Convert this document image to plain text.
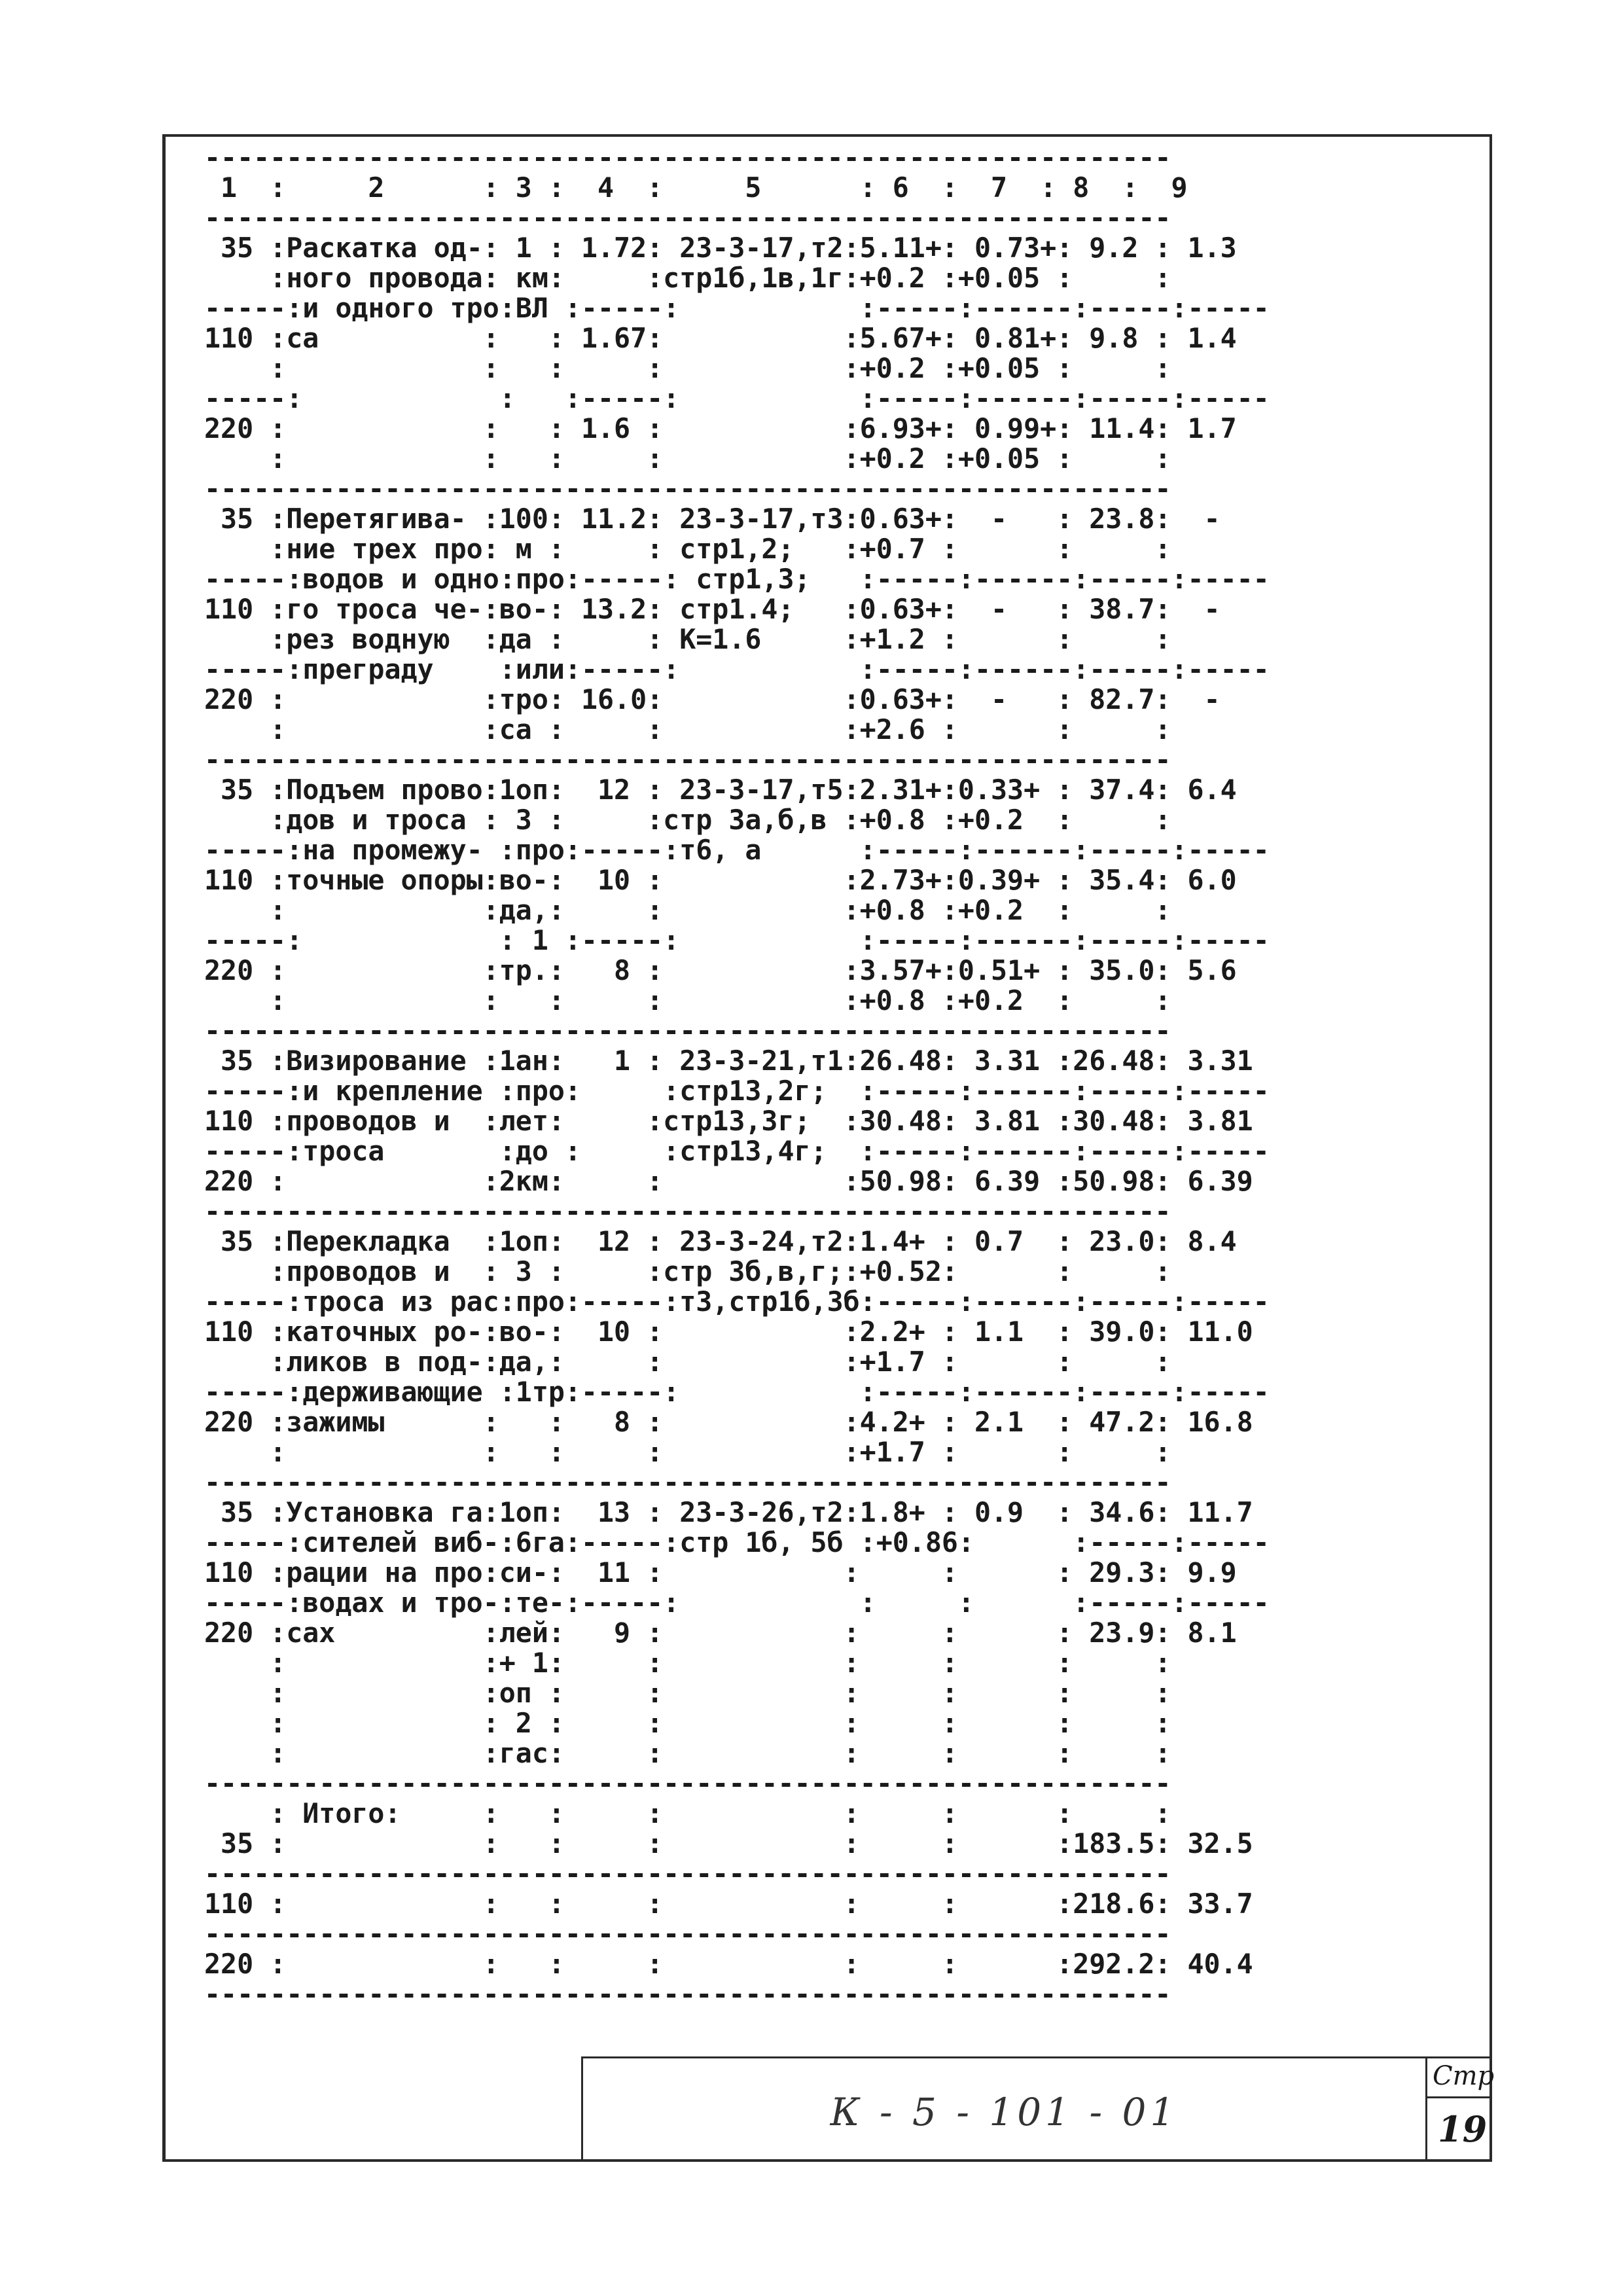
-----------------------------------------------------------
1  :     2      : 3 :  4  :     5      : 6  :  7  : 8  :  9
-----------------------------------------------------------
35 :Раскатка од-: 1 : 1.72: 23-3-17,т2:5.11+: 0.73+: 9.2 : 1.3
:ного провода: км:     :стр1б,1в,1г:+0.2 :+0.05 :     :
-----:и одного тро:ВЛ :-----:           :-----:------:-----:-----
110 :са          :   : 1.67:           :5.67+: 0.81+: 9.8 : 1.4
:            :   :     :           :+0.2 :+0.05 :     :
-----:            :   :-----:           :-----:------:-----:-----
220 :            :   : 1.6 :           :6.93+: 0.99+: 11.4: 1.7
:            :   :     :           :+0.2 :+0.05 :     :
-----------------------------------------------------------
35 :Перетягива- :100: 11.2: 23-3-17,т3:0.63+:  -   : 23.8:  -
:ние трех про: м :     : стр1,2;   :+0.7 :      :     :
-----:водов и одно:про:-----: стр1,3;   :-----:------:-----:-----
110 :го троса че-:во-: 13.2: стр1.4;   :0.63+:  -   : 38.7:  -
:рез водную  :да :     : К=1.6     :+1.2 :      :     :
-----:преграду    :или:-----:           :-----:------:-----:-----
220 :            :тро: 16.0:           :0.63+:  -   : 82.7:  -
:            :са :     :           :+2.6 :      :     :
-----------------------------------------------------------
35 :Подъем прово:1оп:  12 : 23-3-17,т5:2.31+:0.33+ : 37.4: 6.4
:дов и троса : 3 :     :стр 3а,б,в :+0.8 :+0.2  :     :
-----:на промежу- :про:-----:т6, а      :-----:------:-----:-----
110 :точные опоры:во-:  10 :           :2.73+:0.39+ : 35.4: 6.0
:            :да,:     :           :+0.8 :+0.2  :     :
-----:            : 1 :-----:           :-----:------:-----:-----
220 :            :тр.:   8 :           :3.57+:0.51+ : 35.0: 5.6
:            :   :     :           :+0.8 :+0.2  :     :
-----------------------------------------------------------
35 :Визирование :1ан:   1 : 23-3-21,т1:26.48: 3.31 :26.48: 3.31
-----:и крепление :про:     :стр13,2г;  :-----:------:-----:-----
110 :проводов и  :лет:     :стр13,3г;  :30.48: 3.81 :30.48: 3.81
-----:троса       :до :     :стр13,4г;  :-----:------:-----:-----
220 :            :2км:     :           :50.98: 6.39 :50.98: 6.39
-----------------------------------------------------------
35 :Перекладка  :1оп:  12 : 23-3-24,т2:1.4+ : 0.7  : 23.0: 8.4
:проводов и  : 3 :     :стр 3б,в,г;:+0.52:      :     :
-----:троса из рас:про:-----:т3,стр1б,3б:-----:------:-----:-----
110 :каточных ро-:во-:  10 :           :2.2+ : 1.1  : 39.0: 11.0
:ликов в под-:да,:     :           :+1.7 :      :     :
-----:держивающие :1тр:-----:           :-----:------:-----:-----
220 :зажимы      :   :   8 :           :4.2+ : 2.1  : 47.2: 16.8
:            :   :     :           :+1.7 :      :     :
-----------------------------------------------------------
35 :Установка га:1оп:  13 : 23-3-26,т2:1.8+ : 0.9  : 34.6: 11.7
-----:сителей виб-:6га:-----:стр 1б, 5б :+0.86:      :-----:-----
110 :рации на про:си-:  11 :           :     :      : 29.3: 9.9
-----:водах и тро-:те-:-----:           :     :      :-----:-----
220 :сах         :лей:   9 :           :     :      : 23.9: 8.1
:            :+ 1:     :           :     :      :     :
:            :оп :     :           :     :      :     :
:            : 2 :     :           :     :      :     :
:            :гас:     :           :     :      :     :
-----------------------------------------------------------
: Итого:     :   :     :           :     :      :     :
35 :            :   :     :           :     :      :183.5: 32.5
-----------------------------------------------------------
110 :            :   :     :           :     :      :218.6: 33.7
-----------------------------------------------------------
220 :            :   :     :           :     :      :292.2: 40.4
-----------------------------------------------------------
К - 5 - 101 - 01
Стр
19
